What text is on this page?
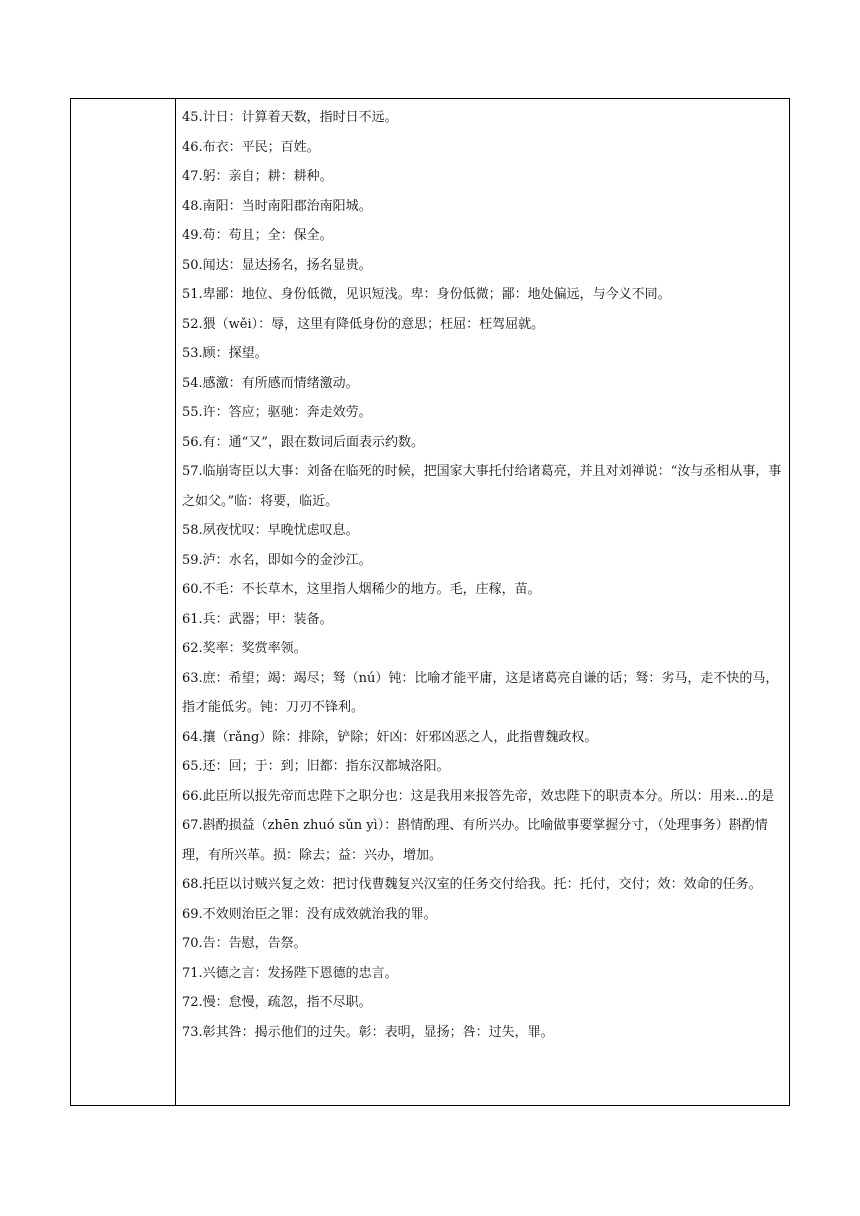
45.计日：计算着天数，指时日不远。

46.布衣：平民；百姓。

47.躬：亲自；耕：耕种。

48.南阳：当时南阳郡治南阳城。

49.苟：苟且；全：保全。

50.闻达：显达扬名，扬名显贵。

51.卑鄙：地位、身份低微，见识短浅。卑：身份低微；鄙：地处偏远，与今义不同。

52.猥（wěi）：辱，这里有降低身份的意思；枉屈：枉驾屈就。

53.顾：探望。

54.感激：有所感而情绪激动。

55.许：答应；驱驰：奔走效劳。

56.有：通“又”，跟在数词后面表示约数。

57.临崩寄臣以大事：刘备在临死的时候，把国家大事托付给诸葛亮，并且对刘禅说：“汝与丞相从事，事之如父。”临：将要，临近。

58.夙夜忧叹：早晚忧虑叹息。

59.泸：水名，即如今的金沙江。

60.不毛：不长草木，这里指人烟稀少的地方。毛，庄稼，苗。

61.兵：武器；甲：装备。

62.奖率：奖赏率领。

63.庶：希望；竭：竭尽；驽（nú）钝：比喻才能平庸，这是诸葛亮自谦的话；驽：劣马，走不快的马，指才能低劣。钝：刀刃不锋利。

64.攘（rǎng）除：排除，铲除；奸凶：奸邪凶恶之人，此指曹魏政权。

65.还：回；于：到；旧都：指东汉都城洛阳。

66.此臣所以报先帝而忠陛下之职分也：这是我用来报答先帝，效忠陛下的职责本分。所以：用来...的是

67.斟酌损益（zhēn zhuó sǔn yì）：斟情酌理、有所兴办。比喻做事要掌握分寸，（处理事务）斟酌情理，有所兴革。损：除去；益：兴办，增加。

68.托臣以讨贼兴复之效：把讨伐曹魏复兴汉室的任务交付给我。托：托付，交付；效：效命的任务。

69.不效则治臣之罪：没有成效就治我的罪。

70.告：告慰，告祭。

71.兴德之言：发扬陛下恩德的忠言。

72.慢：怠慢，疏忽，指不尽职。

73.彰其咎：揭示他们的过失。彰：表明，显扬；咎：过失，罪。
